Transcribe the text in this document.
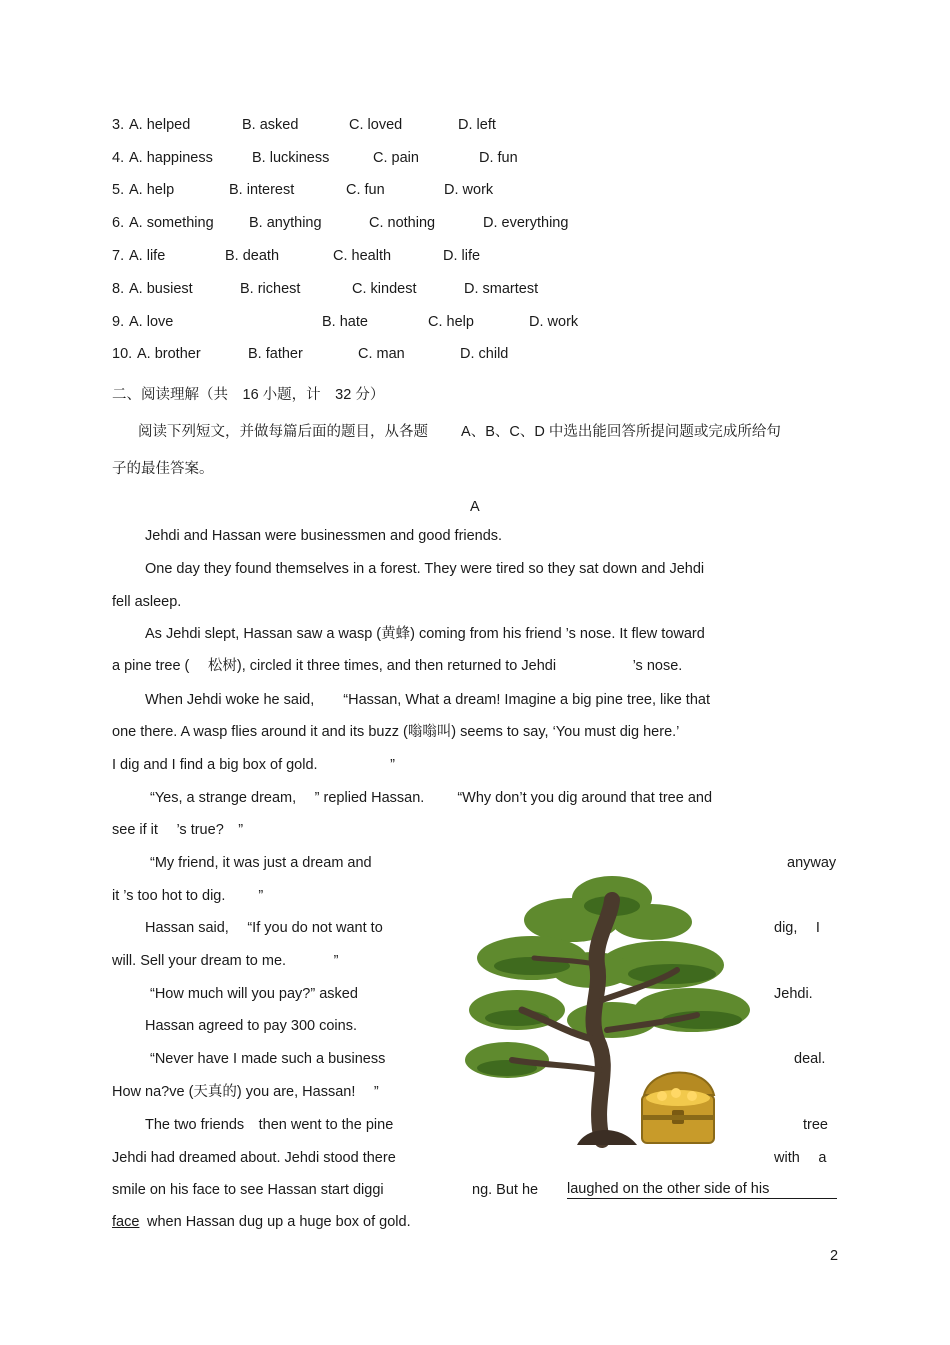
3. A. helped	B. asked	C. loved	D. left
4. A. happiness	B. luckiness	C. pain	D. fun
5. A. help	B. interest	C. fun	D. work
6. A. something B. anything	C. nothing	D. everything
7. A. life	B. death	C. health	D. life
8. A. busiest	B. richest	C. kindest	D. smartest
9. A. love	B. hate	C. help	D. work
10. A. brother	B. father	C. man	D. child
二、阅读理解（共　16 小题，计　32 分）
阅读下列短文，并做每篇后面的题目，从各题　　 A、B、C、D 中选出能回答所提问题或完成所给句
子的最佳答案。
A
Jehdi and Hassan were businessmen and good friends.
One day they found themselves in a forest. They were tired so they sat down and Jehdi
fell asleep.
As Jehdi slept, Hassan saw a wasp (黄蜂) coming from his friend ’s nose. It flew toward
a pine tree (　 松树), circled it three times, and then returned to Jehdi　　　　　 ’s nose.
When Jehdi woke he said,　　“Hassan, What a dream! Imagine a big pine tree, like that
one there. A wasp flies around it and its buzz (嗡嗡叫) seems to say, ‘You must dig here.’
I dig and I find a big box of gold.　　　　　”
“Yes, a strange dream,　 ” replied Hassan.　　 “Why don’t you dig around that tree and
see if it　 ’s true?　”
“My friend, it was just a dream and	anyway
it ’s too hot to dig.　　 ”
Hassan said,　 “If you do not want to	dig,　 I
will. Sell your dream to me.　　　 ”
“How much will you pay?” asked	Jehdi.
Hassan agreed to pay 300 coins.
“Never have I made such a business	deal.
How na?ve (天真的) you are, Hassan!　 ”
The two friends　then went to the pine	tree
Jehdi had dreamed about. Jehdi stood there	with　 a
smile on his face to see Hassan start diggi	ng. But he laughed on the other side of his
face when Hassan dug up a huge box of gold.
2
